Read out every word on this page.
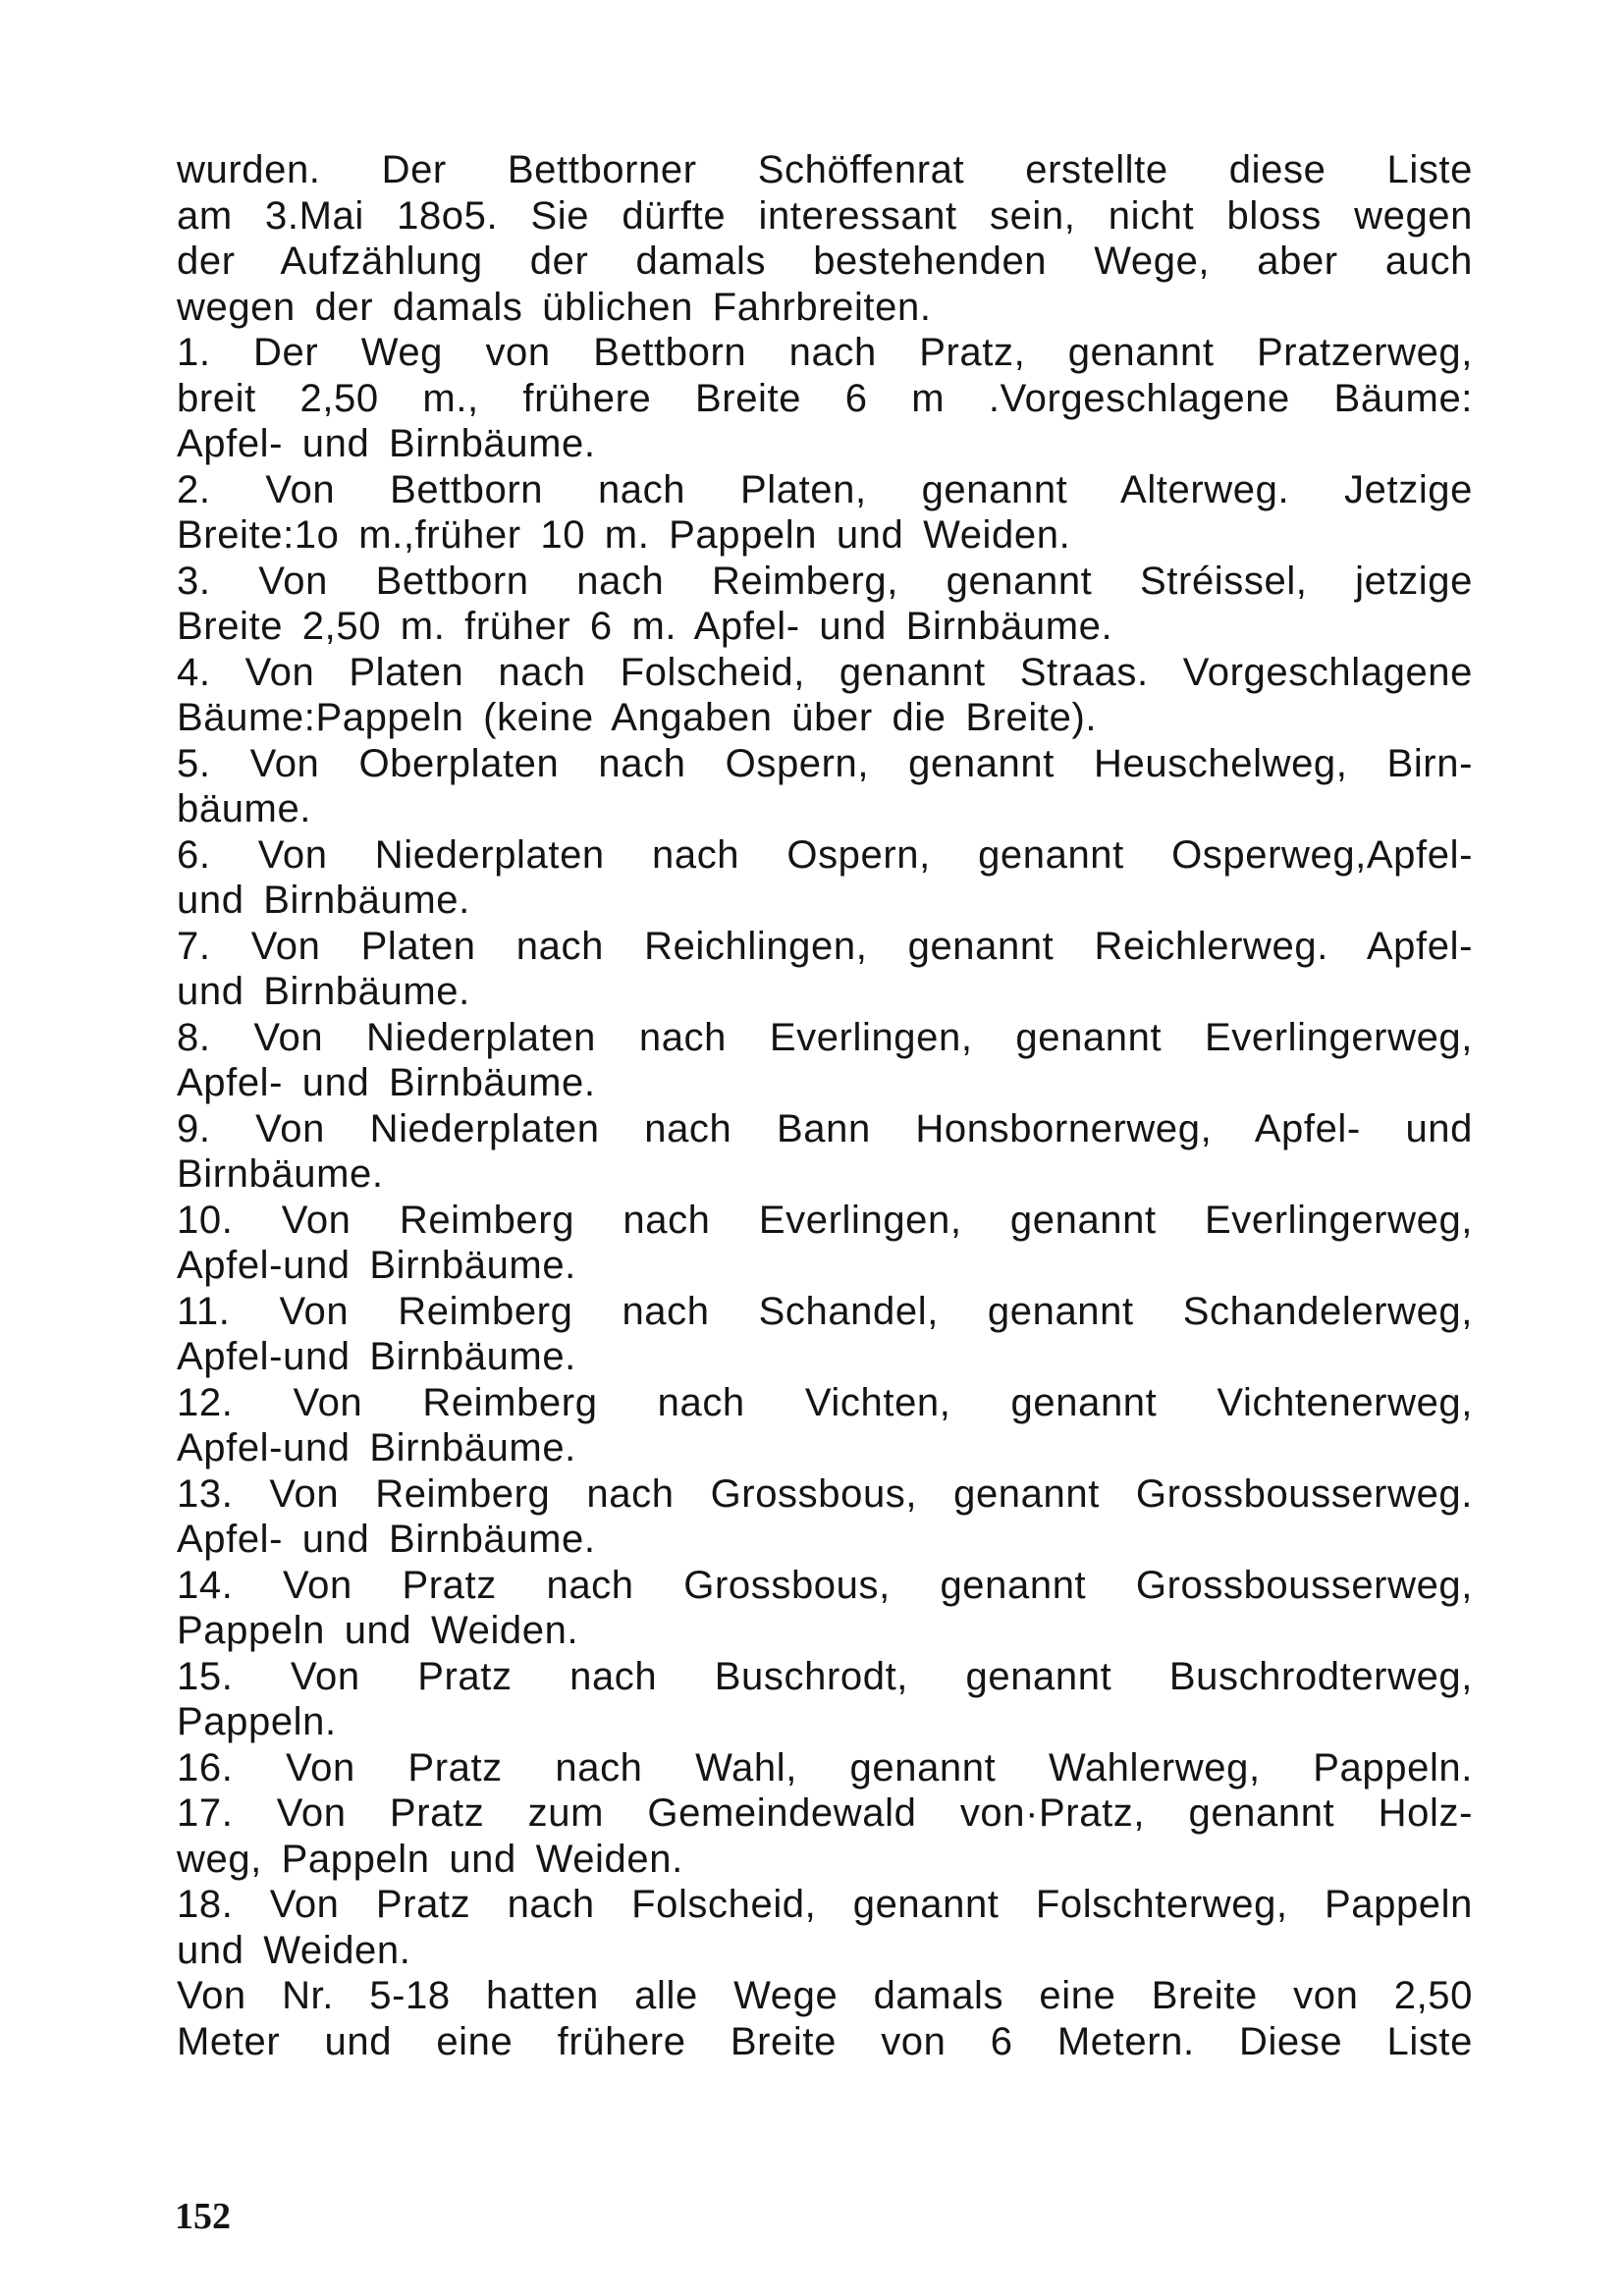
wurden. Der Bettborner Schöffenrat erstellte diese Liste
am 3.Mai 18o5. Sie dürfte interessant sein, nicht bloss wegen
der Aufzählung der damals bestehenden Wege, aber auch
wegen der damals üblichen Fahrbreiten.
1. Der Weg von Bettborn nach Pratz, genannt Pratzerweg,
breit 2,50 m., frühere Breite 6 m .Vorgeschlagene Bäume:
Apfel- und Birnbäume.
2. Von Bettborn nach Platen, genannt Alterweg. Jetzige
Breite:1o m.,früher 10 m. Pappeln und Weiden.
3. Von Bettborn nach Reimberg, genannt Stréissel, jetzige
Breite 2,50 m. früher 6 m. Apfel- und Birnbäume.
4. Von Platen nach Folscheid, genannt Straas. Vorgeschlagene
Bäume:Pappeln (keine Angaben über die Breite).
5. Von Oberplaten nach Ospern, genannt Heuschelweg, Birn-
bäume.
6. Von Niederplaten nach Ospern, genannt Osperweg,Apfel-
und Birnbäume.
7. Von Platen nach Reichlingen, genannt Reichlerweg. Apfel-
und Birnbäume.
8. Von Niederplaten nach Everlingen, genannt Everlingerweg,
Apfel- und Birnbäume.
9. Von Niederplaten nach Bann Honsbornerweg, Apfel- und
Birnbäume.
10. Von Reimberg nach Everlingen, genannt Everlingerweg,
Apfel-und Birnbäume.
11. Von Reimberg nach Schandel, genannt Schandelerweg,
Apfel-und Birnbäume.
12. Von Reimberg nach Vichten, genannt Vichtenerweg,
Apfel-und Birnbäume.
13. Von Reimberg nach Grossbous, genannt Grossbousserweg.
Apfel- und Birnbäume.
14. Von Pratz nach Grossbous, genannt Grossbousserweg,
Pappeln und Weiden.
15. Von Pratz nach Buschrodt, genannt Buschrodterweg,
Pappeln.
16. Von Pratz nach Wahl, genannt Wahlerweg, Pappeln.
17. Von Pratz zum Gemeindewald von·Pratz, genannt Holz-
weg, Pappeln und Weiden.
18. Von Pratz nach Folscheid, genannt Folschterweg, Pappeln
und Weiden.
Von Nr. 5-18 hatten alle Wege damals eine Breite von 2,50
Meter und eine frühere Breite von 6 Metern. Diese Liste
152
